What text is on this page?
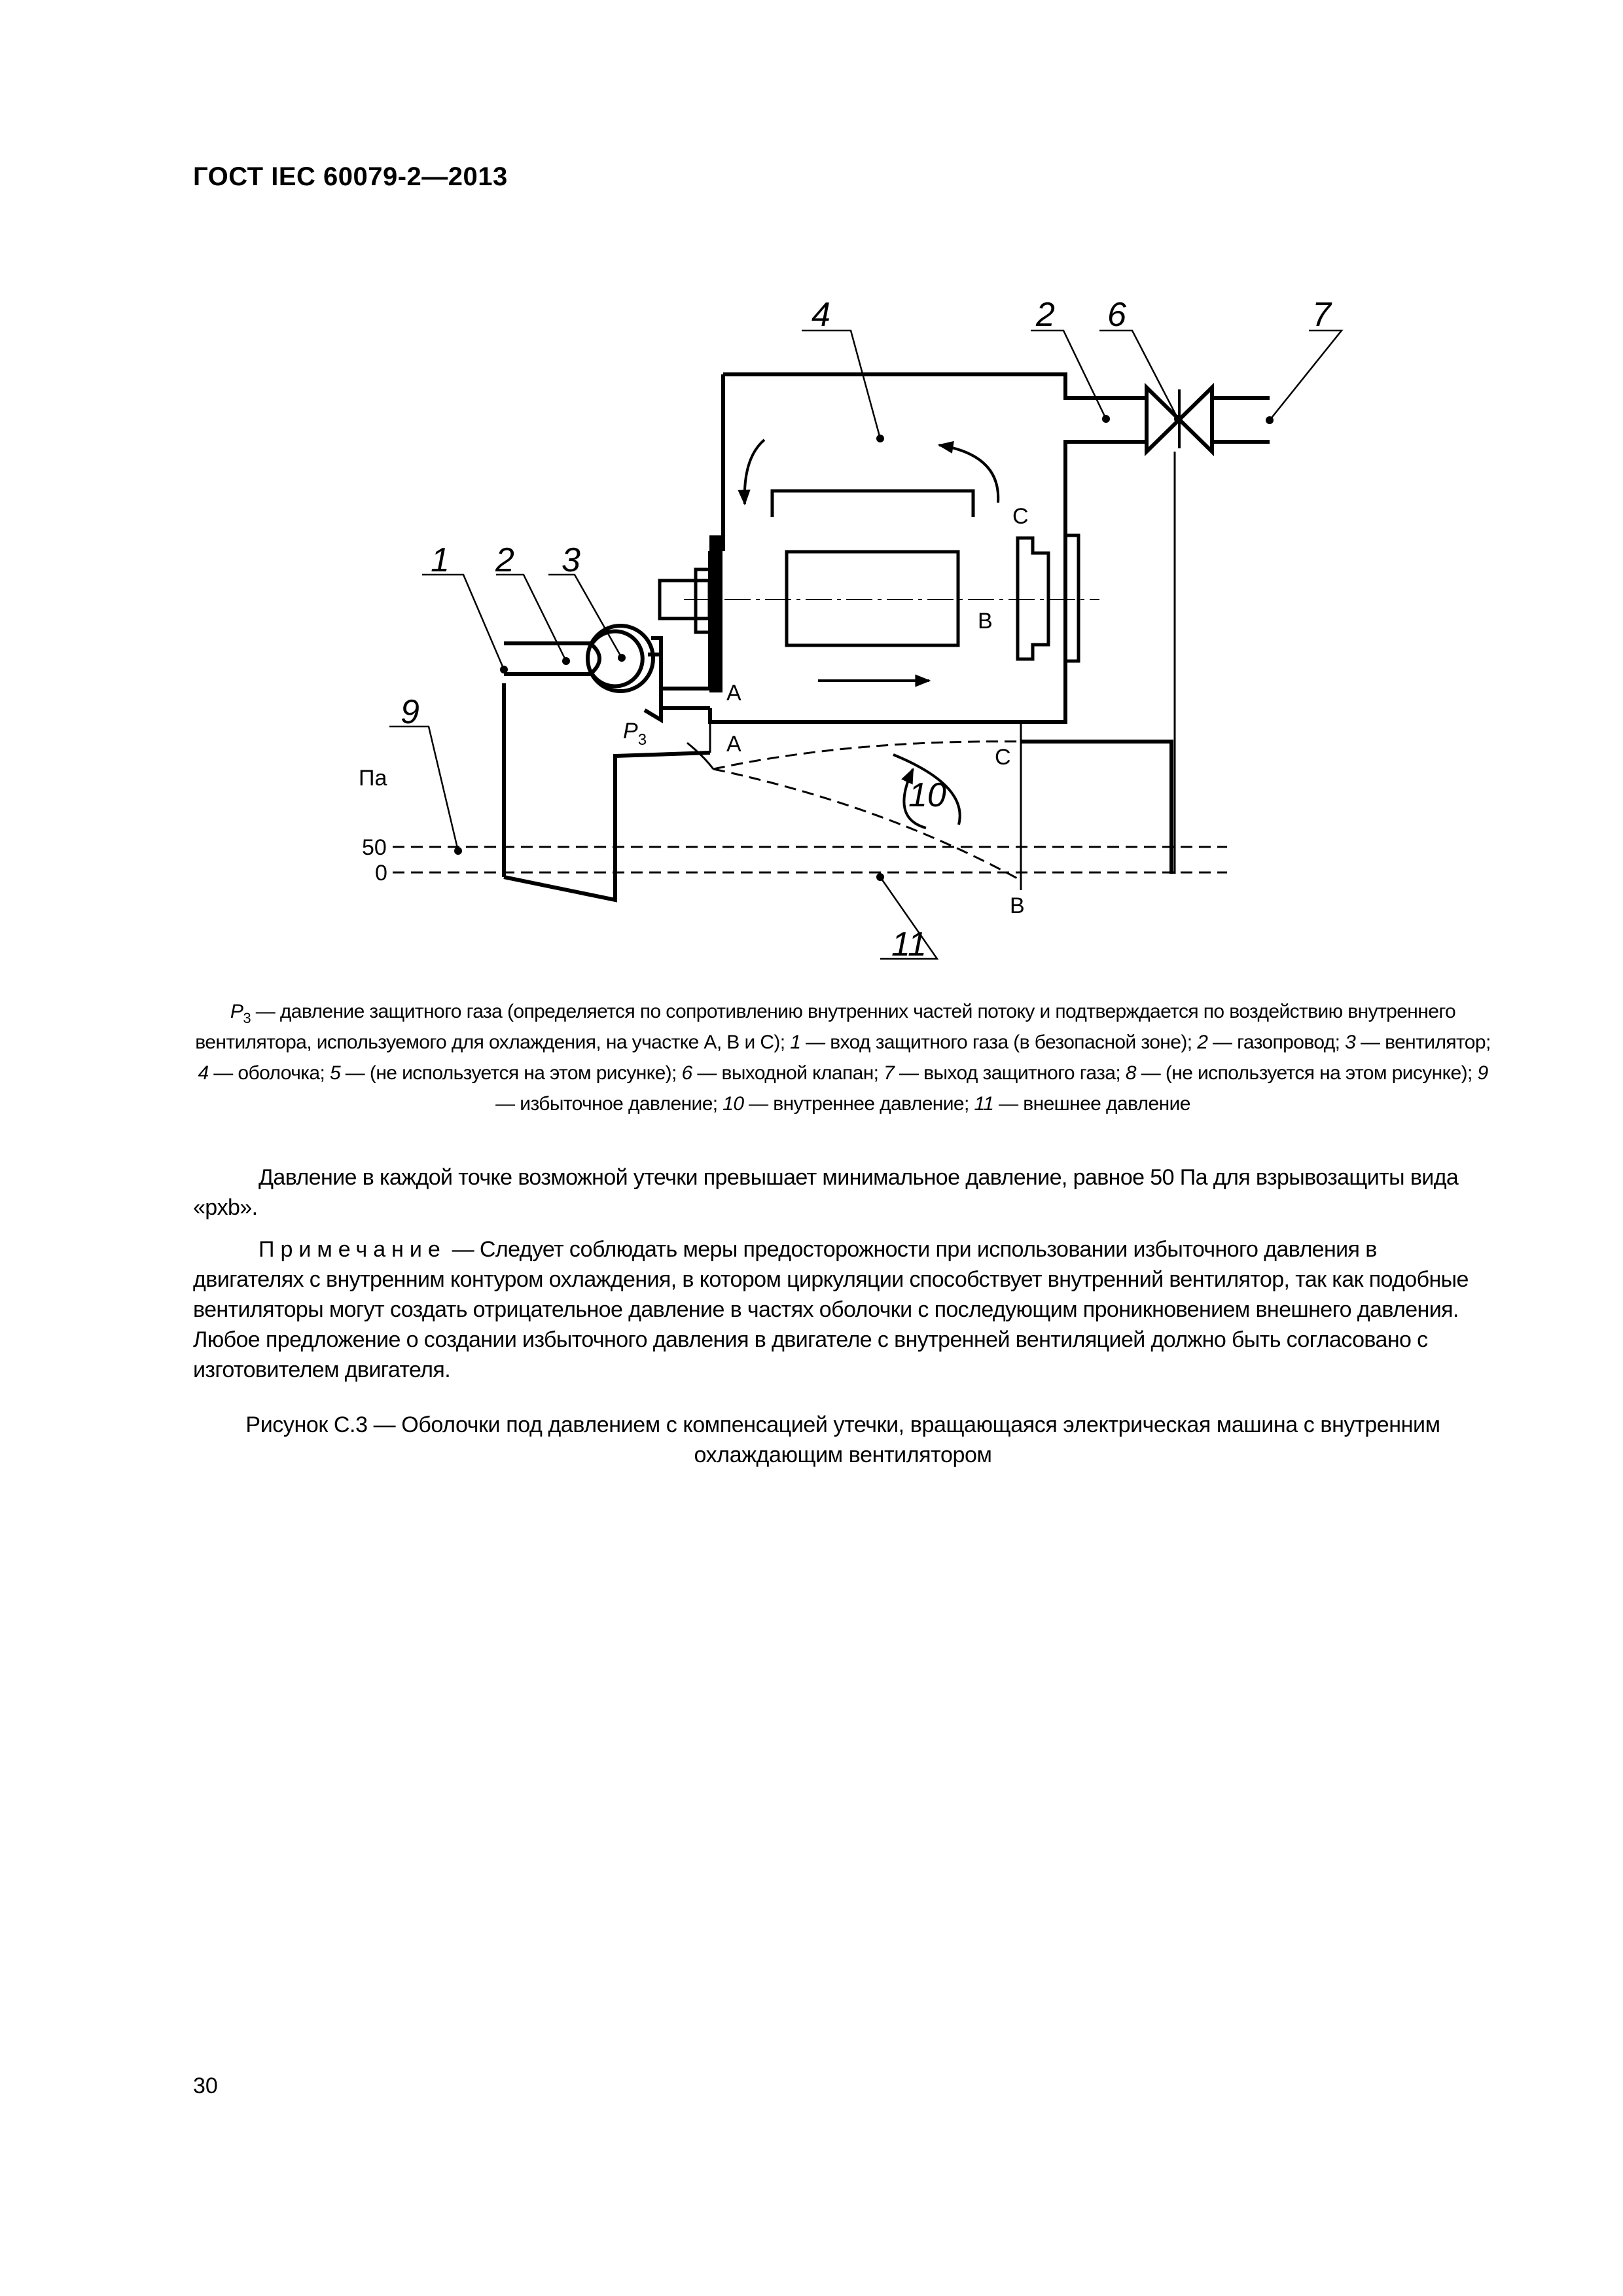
ГОСТ IEC 60079-2—2013
1 2 3
4	2 6	7
9
10
11
C
B
A
A
C
B
$P_3$
Па
50
0
$P_3$ — давление защитного газа (определяется по сопротивлению внутренних частей потоку и подтверждается по воздействию внутреннего вентилятора, используемого для охлаждения, на участке А, В и С); 1 — вход защитного газа (в безопасной зоне); 2 — газопровод; 3 — вентилятор; 4 — оболочка; 5 — (не используется на этом рисунке); 6 — выходной клапан; 7 — выход защитного газа; 8 — (не используется на этом рисунке); 9 — избыточное давление; 10 — внутреннее давление; 11 — внешнее давление
Давление в каждой точке возможной утечки превышает минимальное давление, равное 50 Па для взрывозащиты вида «pxb».
Примечание — Следует соблюдать меры предосторожности при использовании избыточного давления в двигателях с внутренним контуром охлаждения, в котором циркуляции способствует внутренний вентилятор, так как подобные вентиляторы могут создать отрицательное давление в частях оболочки с последующим проникновением внешнего давления. Любое предложение о создании избыточного давления в двигателе с внутренней вентиляцией должно быть согласовано с изготовителем двигателя.
Рисунок С.3 — Оболочки под давлением с компенсацией утечки, вращающаяся электрическая машина с внутренним охлаждающим вентилятором
30
